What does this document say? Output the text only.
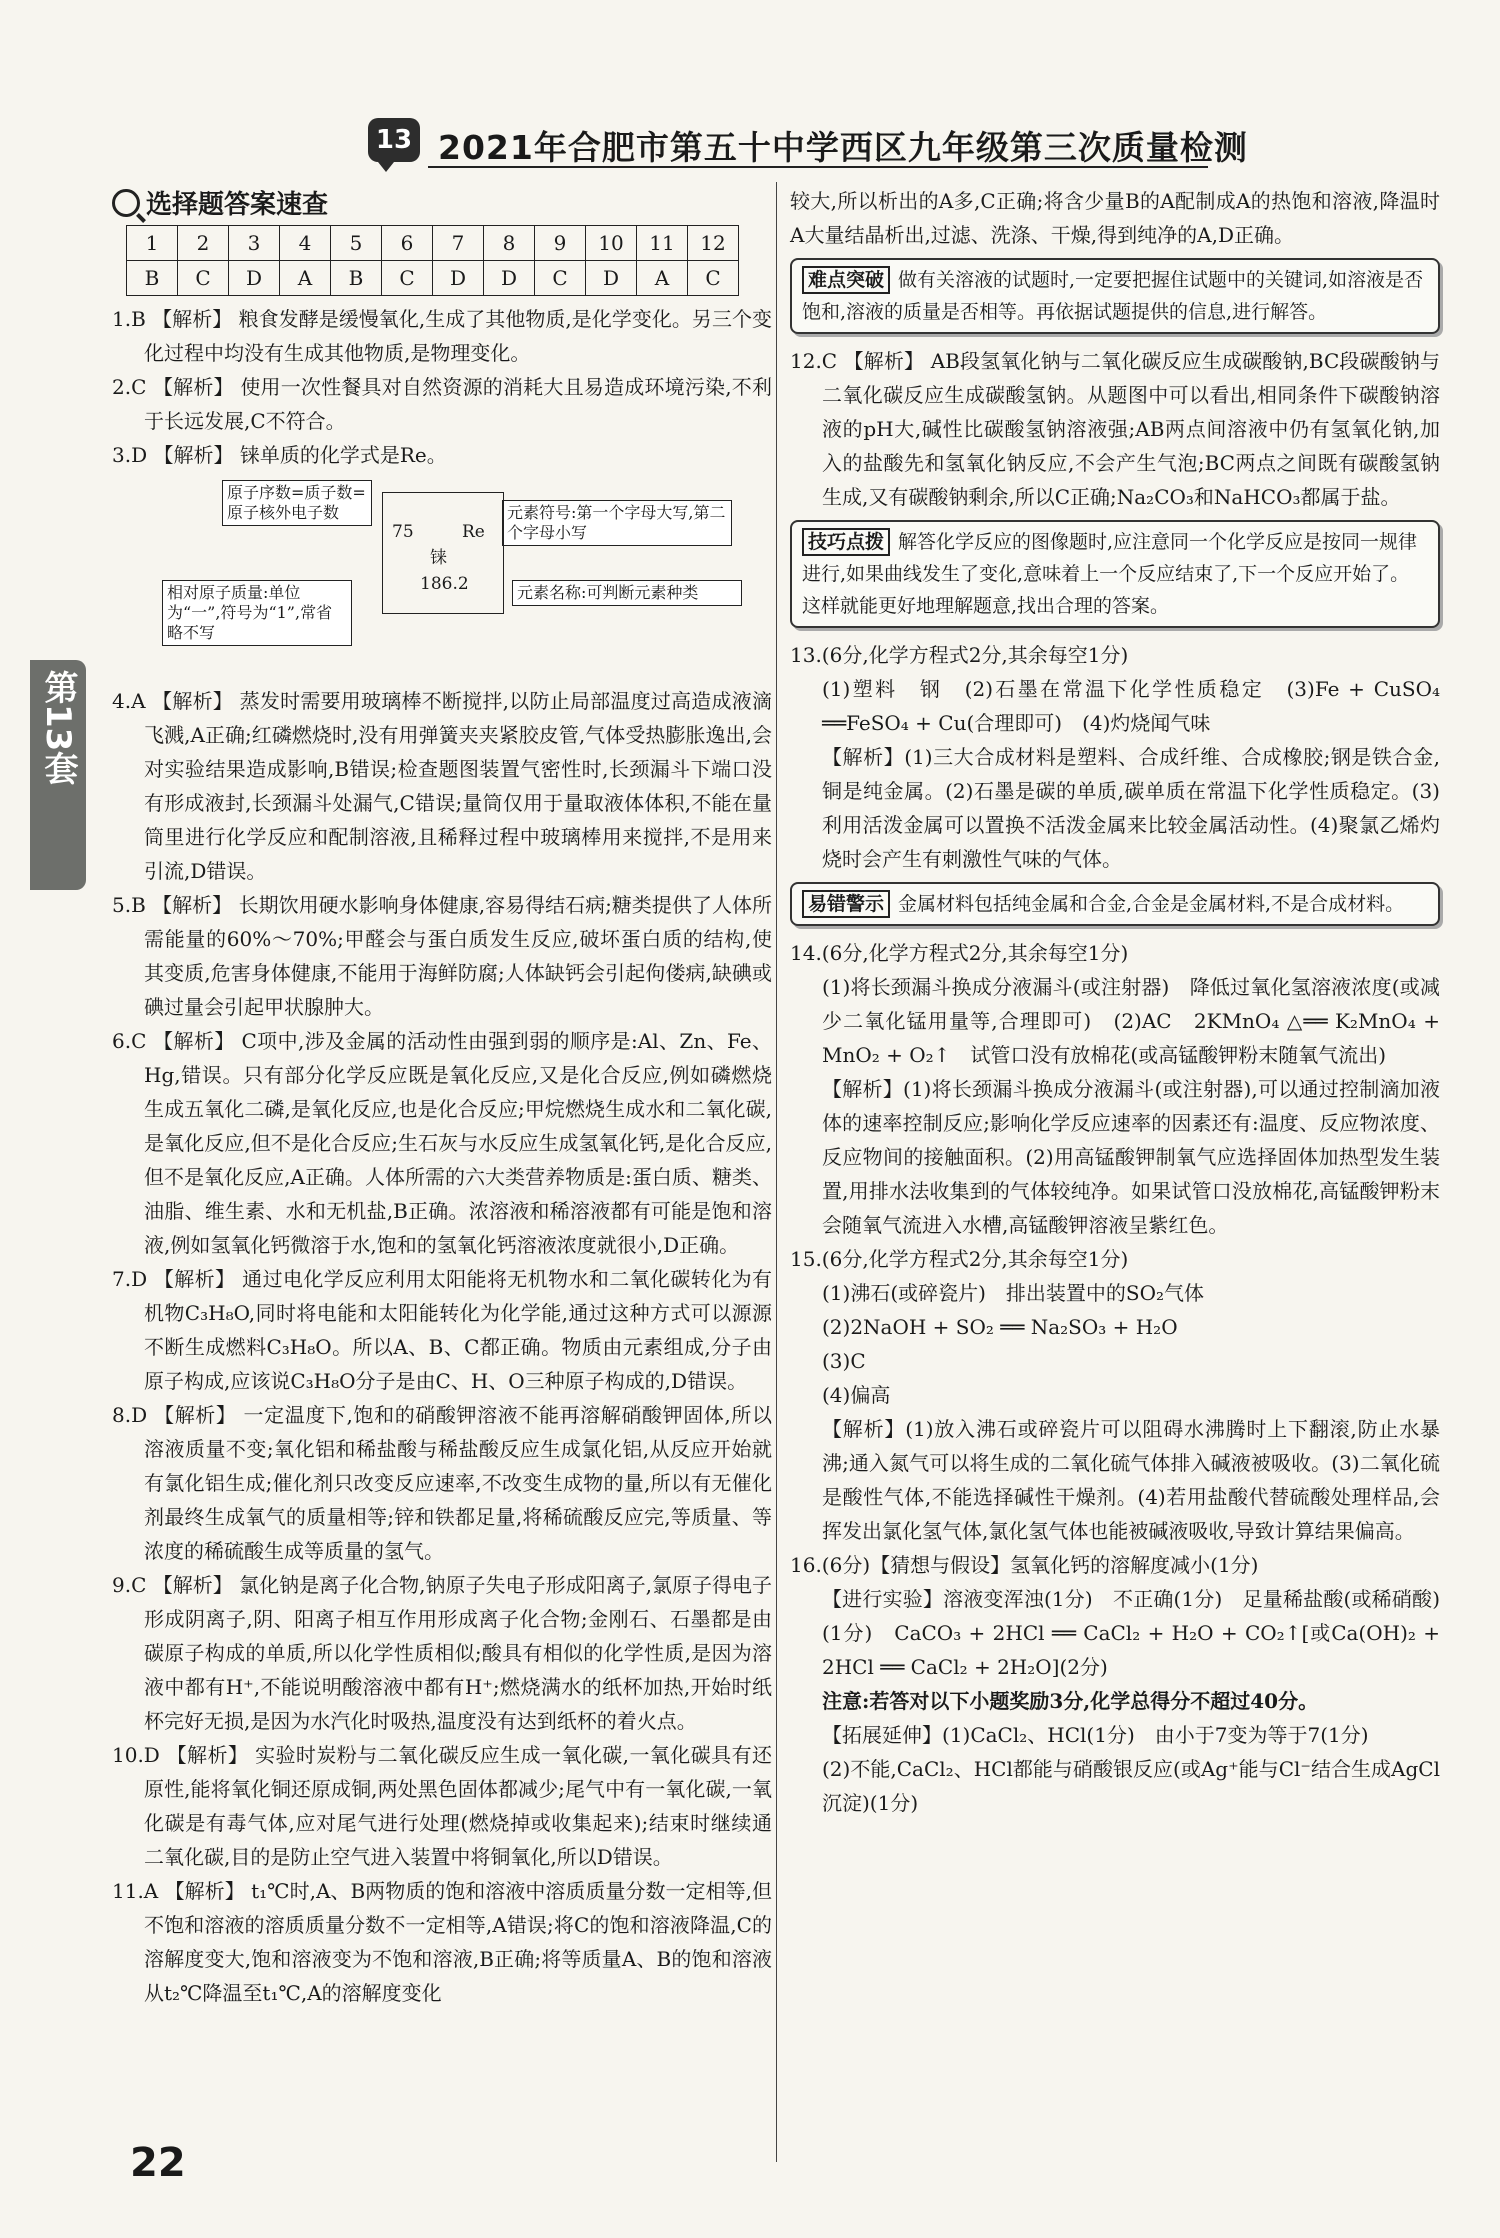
13 2021年合肥市第五十中学西区九年级第三次质量检测
第13套
选择题答案速查
1	2	3	4	5	6	7	8	9	10	11	12
B	C	D	A	B	C	D	D	C	D	A	C

1.B 【解析】 粮食发酵是缓慢氧化,生成了其他物质,是化学变化。另三个变化过程中均没有生成其他物质,是物理变化。

2.C 【解析】 使用一次性餐具对自然资源的消耗大且易造成环境污染,不利于长远发展,C不符合。

3.D 【解析】 铼单质的化学式是Re。

原子序数=质子数=原子核外电子数
相对原子质量:单位为“一”,符号为“1”,常省略不写
元素符号:第一个字母大写,第二个字母小写
元素名称:可判断元素种类
75	Re
铼
186.2

4.A 【解析】 蒸发时需要用玻璃棒不断搅拌,以防止局部温度过高造成液滴飞溅,A正确;红磷燃烧时,没有用弹簧夹夹紧胶皮管,气体受热膨胀逸出,会对实验结果造成影响,B错误;检查题图装置气密性时,长颈漏斗下端口没有形成液封,长颈漏斗处漏气,C错误;量筒仅用于量取液体体积,不能在量筒里进行化学反应和配制溶液,且稀释过程中玻璃棒用来搅拌,不是用来引流,D错误。

5.B 【解析】 长期饮用硬水影响身体健康,容易得结石病;糖类提供了人体所需能量的60%～70%;甲醛会与蛋白质发生反应,破坏蛋白质的结构,使其变质,危害身体健康,不能用于海鲜防腐;人体缺钙会引起佝偻病,缺碘或碘过量会引起甲状腺肿大。

6.C 【解析】 C项中,涉及金属的活动性由强到弱的顺序是:Al、Zn、Fe、Hg,错误。只有部分化学反应既是氧化反应,又是化合反应,例如磷燃烧生成五氧化二磷,是氧化反应,也是化合反应;甲烷燃烧生成水和二氧化碳,是氧化反应,但不是化合反应;生石灰与水反应生成氢氧化钙,是化合反应,但不是氧化反应,A正确。人体所需的六大类营养物质是:蛋白质、糖类、油脂、维生素、水和无机盐,B正确。浓溶液和稀溶液都有可能是饱和溶液,例如氢氧化钙微溶于水,饱和的氢氧化钙溶液浓度就很小,D正确。

7.D 【解析】 通过电化学反应利用太阳能将无机物水和二氧化碳转化为有机物C₃H₈O,同时将电能和太阳能转化为化学能,通过这种方式可以源源不断生成燃料C₃H₈O。所以A、B、C都正确。物质由元素组成,分子由原子构成,应该说C₃H₈O分子是由C、H、O三种原子构成的,D错误。

8.D 【解析】 一定温度下,饱和的硝酸钾溶液不能再溶解硝酸钾固体,所以溶液质量不变;氧化铝和稀盐酸与稀盐酸反应生成氯化铝,从反应开始就有氯化铝生成;催化剂只改变反应速率,不改变生成物的量,所以有无催化剂最终生成氧气的质量相等;锌和铁都足量,将稀硫酸反应完,等质量、等浓度的稀硫酸生成等质量的氢气。

9.C 【解析】 氯化钠是离子化合物,钠原子失电子形成阳离子,氯原子得电子形成阴离子,阴、阳离子相互作用形成离子化合物;金刚石、石墨都是由碳原子构成的单质,所以化学性质相似;酸具有相似的化学性质,是因为溶液中都有H⁺,不能说明酸溶液中都有H⁺;燃烧满水的纸杯加热,开始时纸杯完好无损,是因为水汽化时吸热,温度没有达到纸杯的着火点。

10.D 【解析】 实验时炭粉与二氧化碳反应生成一氧化碳,一氧化碳具有还原性,能将氧化铜还原成铜,两处黑色固体都减少;尾气中有一氧化碳,一氧化碳是有毒气体,应对尾气进行处理(燃烧掉或收集起来);结束时继续通二氧化碳,目的是防止空气进入装置中将铜氧化,所以D错误。

11.A 【解析】 t₁℃时,A、B两物质的饱和溶液中溶质质量分数一定相等,但不饱和溶液的溶质质量分数不一定相等,A错误;将C的饱和溶液降温,C的溶解度变大,饱和溶液变为不饱和溶液,B正确;将等质量A、B的饱和溶液从t₂℃降温至t₁℃,A的溶解度变化

较大,所以析出的A多,C正确;将含少量B的A配制成A的热饱和溶液,降温时A大量结晶析出,过滤、洗涤、干燥,得到纯净的A,D正确。

难点突破 做有关溶液的试题时,一定要把握住试题中的关键词,如溶液是否饱和,溶液的质量是否相等。再依据试题提供的信息,进行解答。

12.C 【解析】 AB段氢氧化钠与二氧化碳反应生成碳酸钠,BC段碳酸钠与二氧化碳反应生成碳酸氢钠。从题图中可以看出,相同条件下碳酸钠溶液的pH大,碱性比碳酸氢钠溶液强;AB两点间溶液中仍有氢氧化钠,加入的盐酸先和氢氧化钠反应,不会产生气泡;BC两点之间既有碳酸氢钠生成,又有碳酸钠剩余,所以C正确;Na₂CO₃和NaHCO₃都属于盐。

技巧点拨 解答化学反应的图像题时,应注意同一个化学反应是按同一规律进行,如果曲线发生了变化,意味着上一个反应结束了,下一个反应开始了。这样就能更好地理解题意,找出合理的答案。

13.(6分,化学方程式2分,其余每空1分)

(1)塑料　钢　(2)石墨在常温下化学性质稳定　(3)Fe + CuSO₄ ══FeSO₄ + Cu(合理即可)　(4)灼烧闻气味

【解析】(1)三大合成材料是塑料、合成纤维、合成橡胶;钢是铁合金,铜是纯金属。(2)石墨是碳的单质,碳单质在常温下化学性质稳定。(3)利用活泼金属可以置换不活泼金属来比较金属活动性。(4)聚氯乙烯灼烧时会产生有刺激性气味的气体。

易错警示 金属材料包括纯金属和合金,合金是金属材料,不是合成材料。

14.(6分,化学方程式2分,其余每空1分)

(1)将长颈漏斗换成分液漏斗(或注射器)　降低过氧化氢溶液浓度(或减少二氧化锰用量等,合理即可)　(2)AC　2KMnO₄ △══ K₂MnO₄ + MnO₂ + O₂↑　试管口没有放棉花(或高锰酸钾粉末随氧气流出)

【解析】(1)将长颈漏斗换成分液漏斗(或注射器),可以通过控制滴加液体的速率控制反应;影响化学反应速率的因素还有:温度、反应物浓度、反应物间的接触面积。(2)用高锰酸钾制氧气应选择固体加热型发生装置,用排水法收集到的气体较纯净。如果试管口没放棉花,高锰酸钾粉末会随氧气流进入水槽,高锰酸钾溶液呈紫红色。

15.(6分,化学方程式2分,其余每空1分)

(1)沸石(或碎瓷片)　排出装置中的SO₂气体

(2)2NaOH + SO₂ ══ Na₂SO₃ + H₂O

(3)C

(4)偏高

【解析】(1)放入沸石或碎瓷片可以阻碍水沸腾时上下翻滚,防止水暴沸;通入氮气可以将生成的二氧化硫气体排入碱液被吸收。(3)二氧化硫是酸性气体,不能选择碱性干燥剂。(4)若用盐酸代替硫酸处理样品,会挥发出氯化氢气体,氯化氢气体也能被碱液吸收,导致计算结果偏高。

16.(6分)【猜想与假设】氢氧化钙的溶解度减小(1分)

【进行实验】溶液变浑浊(1分)　不正确(1分)　足量稀盐酸(或稀硝酸)(1分)　CaCO₃ + 2HCl ══ CaCl₂ + H₂O + CO₂↑[或Ca(OH)₂ + 2HCl ══ CaCl₂ + 2H₂O](2分)

注意:若答对以下小题奖励3分,化学总得分不超过40分。

【拓展延伸】(1)CaCl₂、HCl(1分)　由小于7变为等于7(1分)

(2)不能,CaCl₂、HCl都能与硝酸银反应(或Ag⁺能与Cl⁻结合生成AgCl沉淀)(1分)

22
